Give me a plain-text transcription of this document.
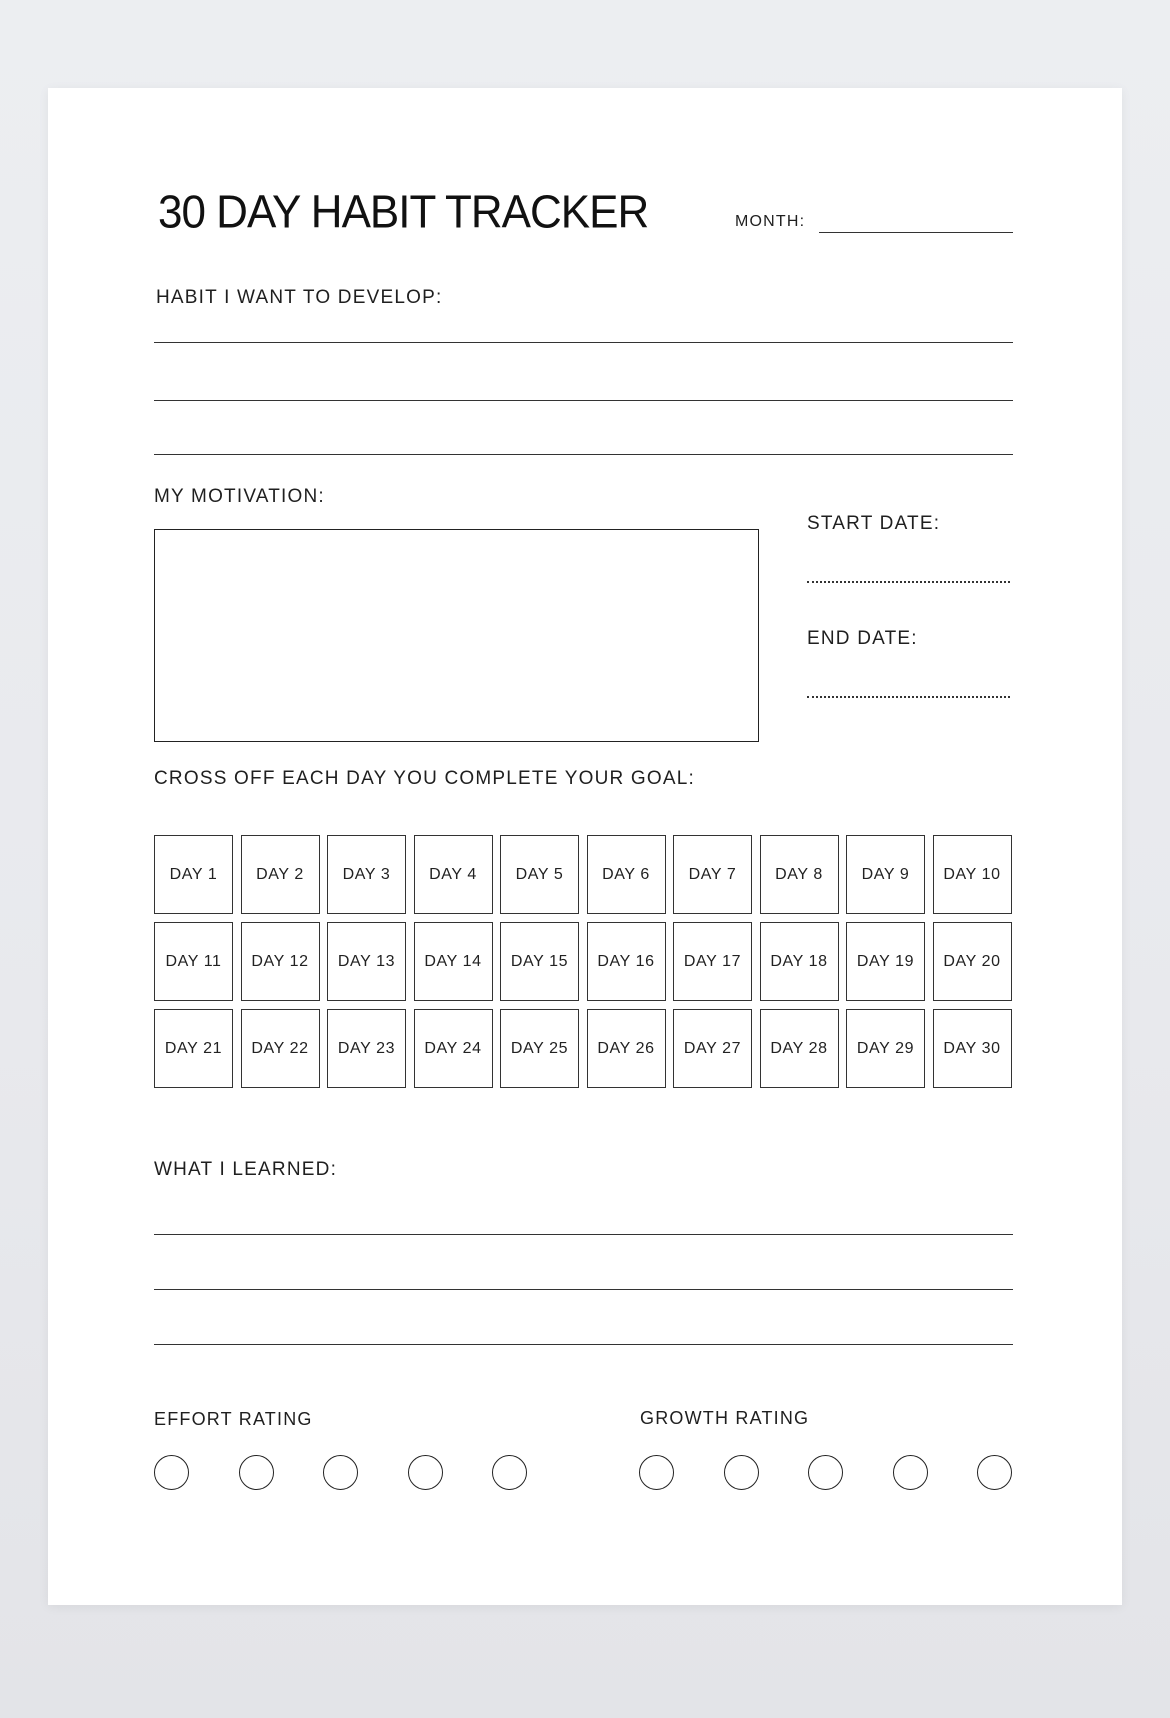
30 DAY HABIT TRACKER	MONTH:
HABIT I WANT TO DEVELOP:
MY MOTIVATION:
START DATE:
END DATE:
CROSS OFF EACH DAY YOU COMPLETE YOUR GOAL:
DAY 1	DAY 2	DAY 3	DAY 4	DAY 5	DAY 6	DAY 7	DAY 8	DAY 9	DAY 10
DAY 11	DAY 12	DAY 13	DAY 14	DAY 15	DAY 16	DAY 17	DAY 18	DAY 19	DAY 20
DAY 21	DAY 22	DAY 23	DAY 24	DAY 25	DAY 26	DAY 27	DAY 28	DAY 29	DAY 30
WHAT I LEARNED:
EFFORT RATING	GROWTH RATING
